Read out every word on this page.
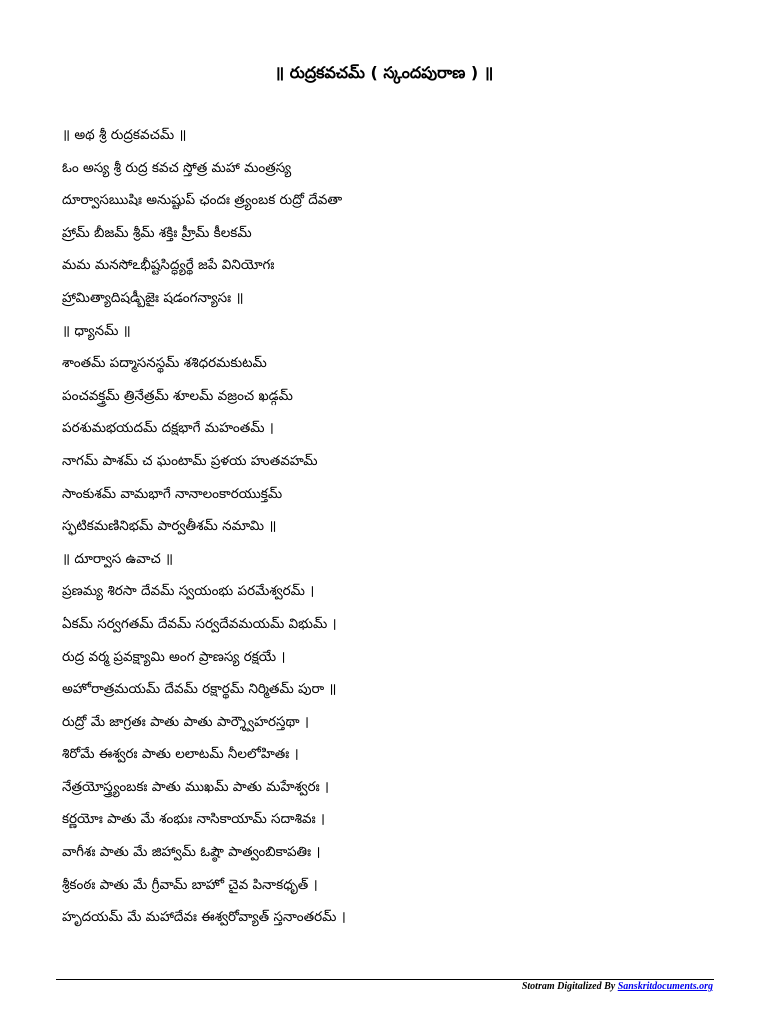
॥ రుద్రకవచమ్ ( స్కందపురాణ ) ॥
॥ అథ శ్రీ రుద్రకవచమ్ ॥
ఓం అస్య శ్రీ రుద్ర కవచ స్తోత్ర మహా మంత్రస్య
దూర్వాసఋషిః అనుష్టుప్ ఛందః త్ర్యంబక రుద్రో దేవతా
హ్రామ్ బీజమ్ శ్రీమ్ శక్తిః హ్రీమ్ కీలకమ్
మమ మనసోఽభీష్టసిద్ధ్యర్థే జపే వినియోగః
హ్రామిత్యాదిషడ్బీజైః షడంగన్యాసః ॥
॥ ధ్యానమ్ ॥
శాంతమ్ పద్మాసనస్థమ్ శశిధరమకుటమ్
పంచవక్త్రమ్ త్రినేత్రమ్ శూలమ్ వజ్రంచ ఖడ్గమ్
పరశుమభయదమ్ దక్షభాగే మహంతమ్ ।
నాగమ్ పాశమ్ చ ఘంటామ్ ప్రళయ హుతవహమ్
సాంకుశమ్ వామభాగే నానాలంకారయుక్తమ్
స్ఫటికమణినిభమ్ పార్వతీశమ్ నమామి ॥
॥ దూర్వాస ఉవాచ ॥
ప్రణమ్య శిరసా దేవమ్ స్వయంభు పరమేశ్వరమ్ ।
ఏకమ్ సర్వగతమ్ దేవమ్ సర్వదేవమయమ్ విభుమ్ ।
రుద్ర వర్మ ప్రవక్ష్యామి అంగ ప్రాణస్య రక్షయే ।
అహోరాత్రమయమ్ దేవమ్ రక్షార్థమ్ నిర్మితమ్ పురా ॥
రుద్రో మే జాగ్రతః పాతు పాతు పార్శ్వౌహరస్తథా ।
శిరోమే ఈశ్వరః పాతు లలాటమ్ నీలలోహితః ।
నేత్రయోస్త్ర్యంబకః పాతు ముఖమ్ పాతు మహేశ్వరః ।
కర్ణయోః పాతు మే శంభుః నాసికాయామ్ సదాశివః ।
వాగీశః పాతు మే జిహ్వామ్ ఓష్ఠౌ పాత్వంబికాపతిః ।
శ్రీకంఠః పాతు మే గ్రీవామ్ బాహో చైవ పినాకధృత్ ।
హృదయమ్ మే మహాదేవః ఈశ్వరోవ్యాత్ స్తనాంతరమ్ ।
Stotram Digitalized By Sanskritdocuments.org
